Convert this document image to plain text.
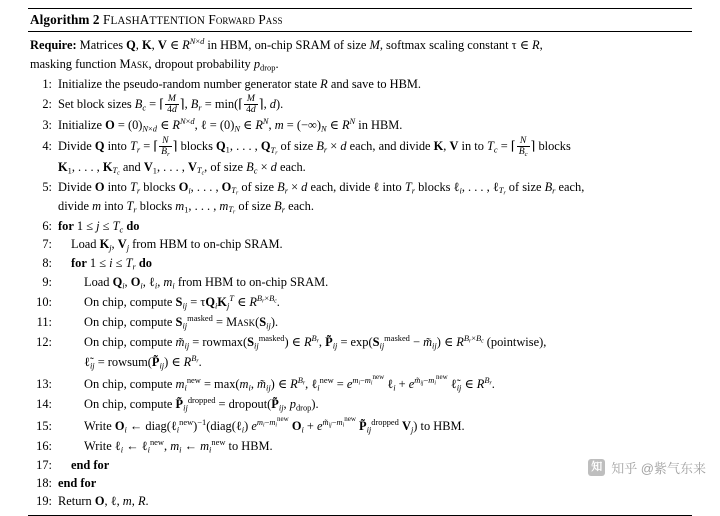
Algorithm 2 FLASHATTENTION Forward Pass
Require: Matrices Q, K, V ∈ $R^{N\times d}$ in HBM, on-chip SRAM of size M, softmax scaling constant τ ∈ R,
masking function Mask, dropout probability $p_{drop}$.
1: Initialize the pseudo-random number generator state R and save to HBM.
2: Set block sizes $B_c$ = ⌈ $\frac{M}{4d}$ ⌉, $B_r$ = min(⌈ $\frac{M}{4d}$ ⌉, d).
3: Initialize $O = (0)_{N\times d}$ ∈ $R^{N\times d}$, ℓ = $(0)_N$ ∈ $R^N$, $m = (-\infty)_N$ ∈ $R^N$ in HBM.
4: Divide Q into $T_r$ = ⌈ $\frac{N}{B_r}$ ⌉ blocks $Q_1$, . . . , $Q_{T_r}$ of size $B_r \times d$ each, and divide K, V in to $T_c$ = ⌈ $\frac{N}{B_c}$ ⌉ blocks
$K_1$, . . . , $K_{T_c}$ and $V_1$, . . . , $V_{T_c}$, of size $B_c \times d$ each.
5: Divide O into $T_r$ blocks $O_i$, . . . , $O_{T_r}$ of size $B_r \times d$ each, divide ℓ into $T_r$ blocks ℓ$_i$, . . . , ℓ$_{T_r}$ of size $B_r$ each,
divide m into $T_r$ blocks $m_1$, . . . , $m_{T_r}$ of size $B_r$ each.
6: for $1 \le j \le T_c$ do
7:	Load $K_j$, $V_j$ from HBM to on-chip SRAM.
8:	for $1 \le i \le T_r$ do
9:	Load $Q_i$, $O_i$, ℓ$_i$, $m_i$ from HBM to on-chip SRAM.
10:	On chip, compute $S_{ij} = \tau Q_iK_j^T$ ∈ $R^{B_r\times B_c}$.
11:	On chip, compute $S_{ij}^{masked}$ = $Mask(S_{ij})$.
12:	On chip, compute $m̃_{ij} = rowmax(S_{ij}^{masked})$ ∈ $R^{B_r}$, $P̃_{ij} = \exp(S_{ij}^{masked}$ − $m̃_{ij}$) ∈ $R^{B_r\times B_c}$ (pointwise),
$\ell̃_{ij}$ = $rowsum(P̃_{ij})$ ∈ $R^{B_r}$.
13:	On chip, compute $m_i^{new} = \max(m_i$, $m̃_{ij}$) ∈ $R^{B_r}$, ℓ$_i^{new}$ = $e^{m_i-m_i^{new}}$ ℓ$_i$ + $e^{m̃_{ij}-m_i^{new}}$ $\ell̃_{ij}$ ∈ $R^{B_r}$.
14:	On chip, compute $P̃_{ij}^{dropped}$ = $dropout(P̃_{ij}$, $p_{drop}$).
15:	Write $O_i$ ← diag(ℓ$_i^{new}$)$^{-1}$(diag(ℓ$_i$) $e^{m_i-m_i^{new}}$ $O_i + e^{m̃_{ij}-m_i^{new}}$ $P̃_{ij}^{dropped}$ $V_j$) to HBM.
16:	Write ℓ$_i$ ← ℓ$_i^{new}$, $m_i$ ← $m_i^{new}$ to HBM.
17:	end for
18: end for
19: Return O, ℓ, m, R.
知 知乎 @紫气东来
